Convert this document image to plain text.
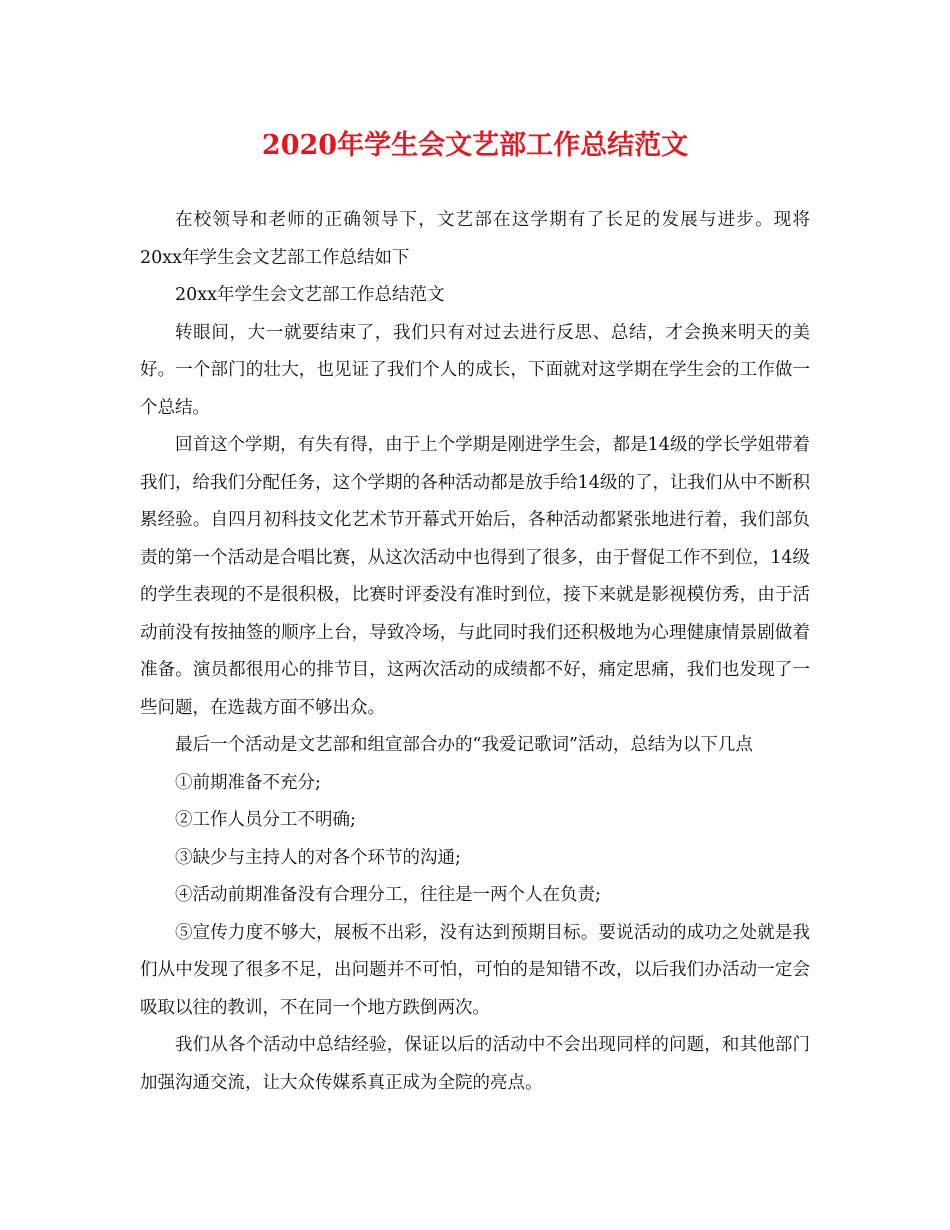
2020年学生会文艺部工作总结范文

在校领导和老师的正确领导下，文艺部在这学期有了长足的发展与进步。现将20xx年学生会文艺部工作总结如下

20xx年学生会文艺部工作总结范文

转眼间，大一就要结束了，我们只有对过去进行反思、总结，才会换来明天的美好。一个部门的壮大，也见证了我们个人的成长，下面就对这学期在学生会的工作做一个总结。

回首这个学期，有失有得，由于上个学期是刚进学生会，都是14级的学长学姐带着我们，给我们分配任务，这个学期的各种活动都是放手给14级的了，让我们从中不断积累经验。自四月初科技文化艺术节开幕式开始后，各种活动都紧张地进行着，我们部负责的第一个活动是合唱比赛，从这次活动中也得到了很多，由于督促工作不到位，14级的学生表现的不是很积极，比赛时评委没有准时到位，接下来就是影视模仿秀，由于活动前没有按抽签的顺序上台，导致冷场，与此同时我们还积极地为心理健康情景剧做着准备。演员都很用心的排节目，这两次活动的成绩都不好，痛定思痛，我们也发现了一些问题，在选裁方面不够出众。

最后一个活动是文艺部和组宣部合办的“我爱记歌词”活动，总结为以下几点

①前期准备不充分;

②工作人员分工不明确;

③缺少与主持人的对各个环节的沟通;

④活动前期准备没有合理分工，往往是一两个人在负责;

⑤宣传力度不够大，展板不出彩，没有达到预期目标。要说活动的成功之处就是我们从中发现了很多不足，出问题并不可怕，可怕的是知错不改，以后我们办活动一定会吸取以往的教训，不在同一个地方跌倒两次。

我们从各个活动中总结经验，保证以后的活动中不会出现同样的问题，和其他部门加强沟通交流，让大众传媒系真正成为全院的亮点。
